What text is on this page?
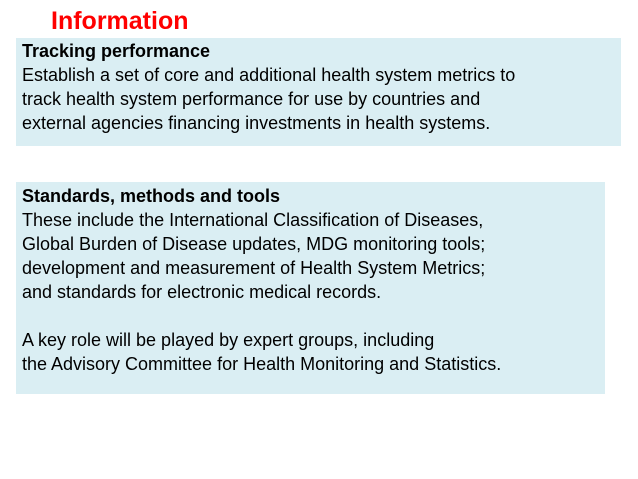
Information
Tracking performance
Establish a set of core and additional health system metrics to
track health system performance for use by countries and
external agencies financing investments in health systems.
Standards, methods and tools
These include the International Classification of Diseases,
Global Burden of Disease updates, MDG monitoring tools;
development and measurement of Health System Metrics;
and standards for electronic medical records.
A key role will be played by expert groups, including
the Advisory Committee for Health Monitoring and Statistics.
